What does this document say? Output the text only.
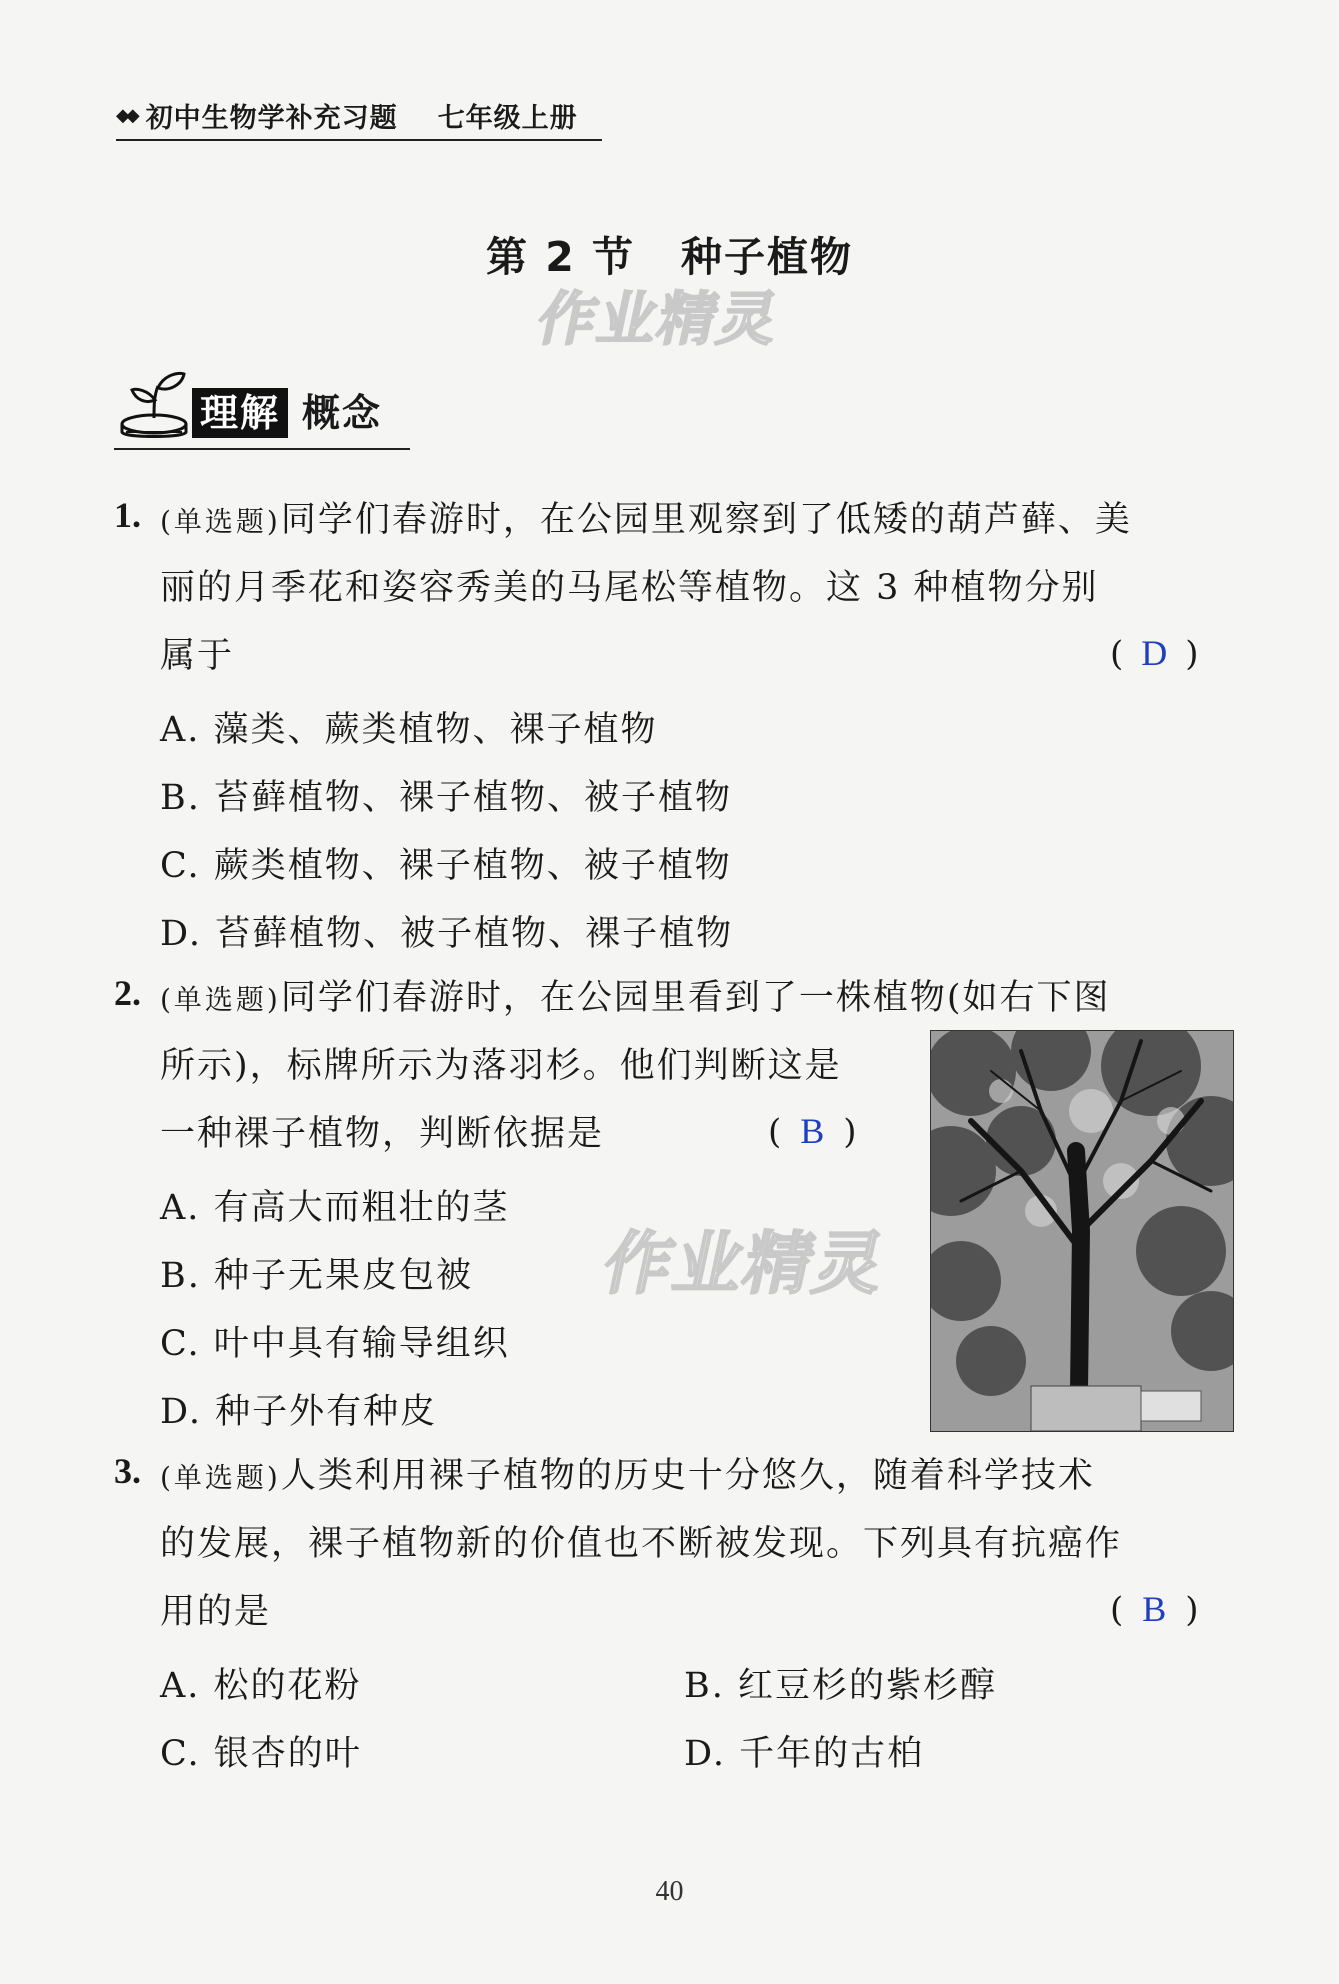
◆◆ 初中生物学补充习题 七年级上册
第 2 节 种子植物
作业精灵
理解 概念
1. (单选题)同学们春游时，在公园里观察到了低矮的葫芦藓、美
丽的月季花和姿容秀美的马尾松等植物。这 3 种植物分别
属于	( D )
A. 藻类、蕨类植物、裸子植物
B. 苔藓植物、裸子植物、被子植物
C. 蕨类植物、裸子植物、被子植物
D. 苔藓植物、被子植物、裸子植物
2. (单选题)同学们春游时，在公园里看到了一株植物(如右下图
所示)，标牌所示为落羽杉。他们判断这是
一种裸子植物，判断依据是	( B )
A. 有高大而粗壮的茎
B. 种子无果皮包被
C. 叶中具有输导组织
D. 种子外有种皮
作业精灵
3. (单选题)人类利用裸子植物的历史十分悠久，随着科学技术
的发展，裸子植物新的价值也不断被发现。下列具有抗癌作
用的是	( B )
A. 松的花粉	B. 红豆杉的紫杉醇
C. 银杏的叶	D. 千年的古柏
40
